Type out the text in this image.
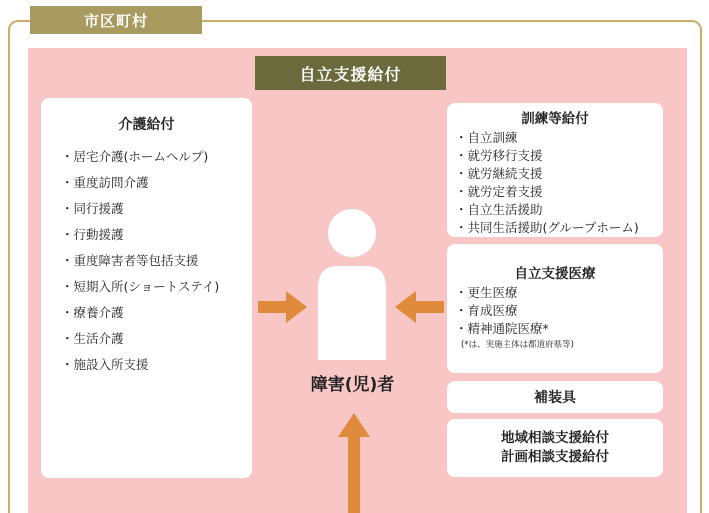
市区町村
自立支援給付
介護給付
・居宅介護(ホームヘルプ)
・重度訪問介護
・同行援護
・行動援護
・重度障害者等包括支援
・短期入所(ショートステイ)
・療養介護
・生活介護
・施設入所支援
訓練等給付
・自立訓練
・就労移行支援
・就労継続支援
・就労定着支援
・自立生活援助
・共同生活援助(グループホーム)
自立支援医療
・更生医療
・育成医療
・精神通院医療*
(*は、実施主体は都道府県等)
補装具
地域相談支援給付
計画相談支援給付
障害(児)者
